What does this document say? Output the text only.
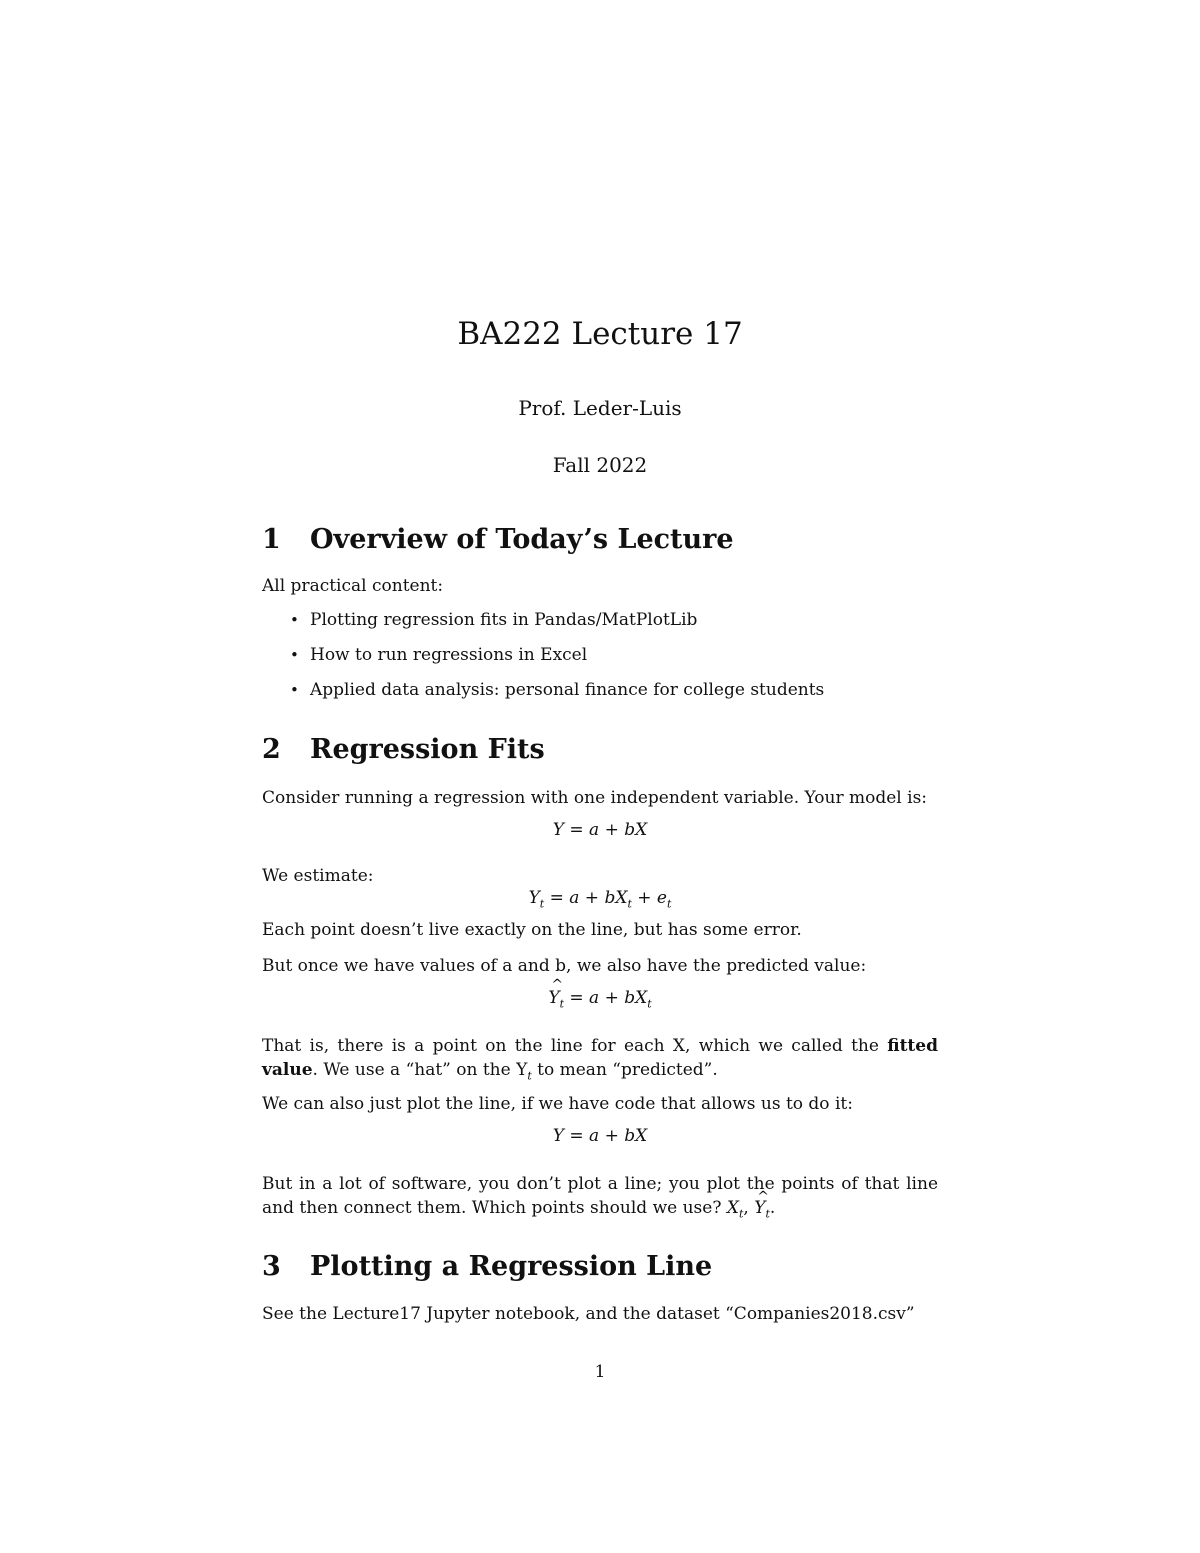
BA222 Lecture 17
Prof. Leder-Luis
Fall 2022
1 Overview of Today’s Lecture
All practical content:
• Plotting regression fits in Pandas/MatPlotLib
• How to run regressions in Excel
• Applied data analysis: personal finance for college students
2 Regression Fits
Consider running a regression with one independent variable. Your model is:
Y = a + bX
We estimate:
$Y_t = a + bX_t + e_t$
Each point doesn’t live exactly on the line, but has some error.
But once we have values of a and b, we also have the predicted value:
^ $Y_t = a + bX_t$
That is, there is a point on the line for each X, which we called the fitted value. We use a “hat” on the $Y_t$ to mean “predicted”.
We can also just plot the line, if we have code that allows us to do it:
Y = a + bX
But in a lot of software, you don’t plot a line; you plot the points of that line and then connect them. Which points should we use? $X_t$, ^ $Y_t$.
3 Plotting a Regression Line
See the Lecture17 Jupyter notebook, and the dataset “Companies2018.csv”
1
